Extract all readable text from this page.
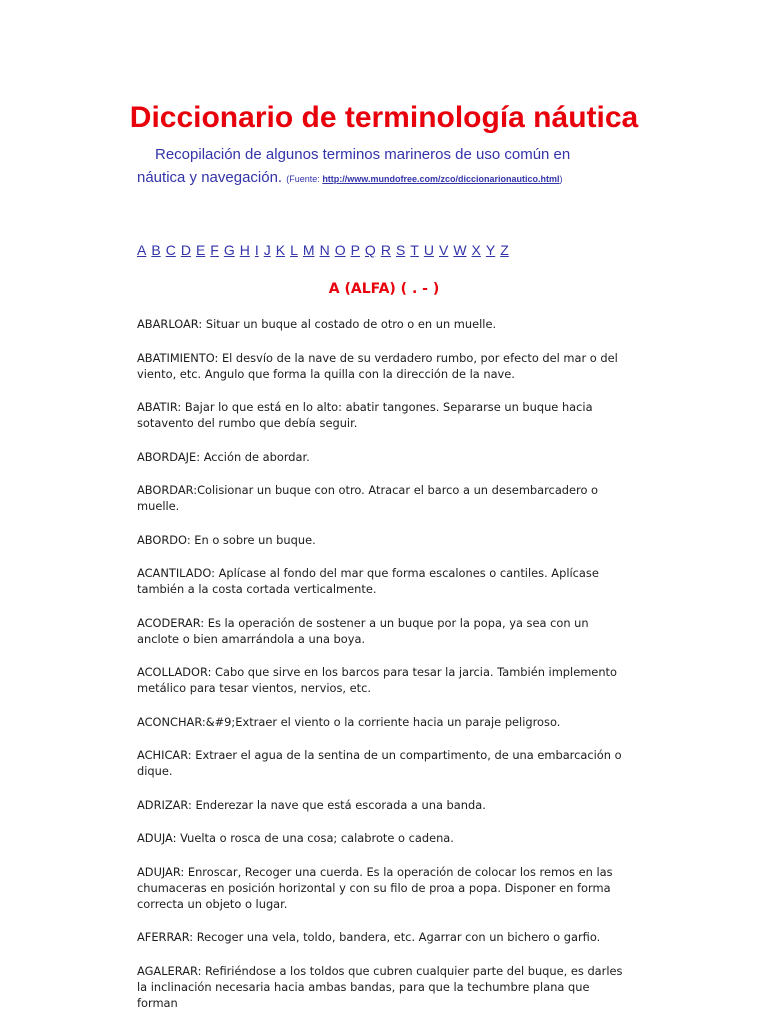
Diccionario de terminología náutica
Recopilación de algunos terminos marineros de uso común en
náutica y navegación. (Fuente: http://www.mundofree.com/zco/diccionarionautico.html)
A B C D E F G H I J K L M N O P Q R S T U V W X Y Z
A (ALFA) ( . - )

ABARLOAR: Situar un buque al costado de otro o en un muelle.

ABATIMIENTO: El desvío de la nave de su verdadero rumbo, por efecto del mar o del viento, etc. Angulo que forma la quilla con la dirección de la nave.

ABATIR: Bajar lo que está en lo alto: abatir tangones. Separarse un buque hacia sotavento del rumbo que debía seguir.

ABORDAJE: Acción de abordar.

ABORDAR:Colisionar un buque con otro. Atracar el barco a un desembarcadero o muelle.

ABORDO: En o sobre un buque.

ACANTILADO: Aplícase al fondo del mar que forma escalones o cantiles. Aplícase también a la costa cortada verticalmente.

ACODERAR: Es la operación de sostener a un buque por la popa, ya sea con un anclote o bien amarrándola a una boya.

ACOLLADOR: Cabo que sirve en los barcos para tesar la jarcia. También implemento metálico para tesar vientos, nervios, etc.

ACONCHAR:&#9;Extraer el viento o la corriente hacia un paraje peligroso.

ACHICAR: Extraer el agua de la sentina de un compartimento, de una embarcación o dique.

ADRIZAR: Enderezar la nave que está escorada a una banda.

ADUJA: Vuelta o rosca de una cosa; calabrote o cadena.

ADUJAR: Enroscar, Recoger una cuerda. Es la operación de colocar los remos en las chumaceras en posición horizontal y con su filo de proa a popa. Disponer en forma correcta un objeto o lugar.

AFERRAR: Recoger una vela, toldo, bandera, etc. Agarrar con un bichero o garfio.

AGALERAR: Refiriéndose a los toldos que cubren cualquier parte del buque, es darles la inclinación necesaria hacia ambas bandas, para que la techumbre plana que forman
